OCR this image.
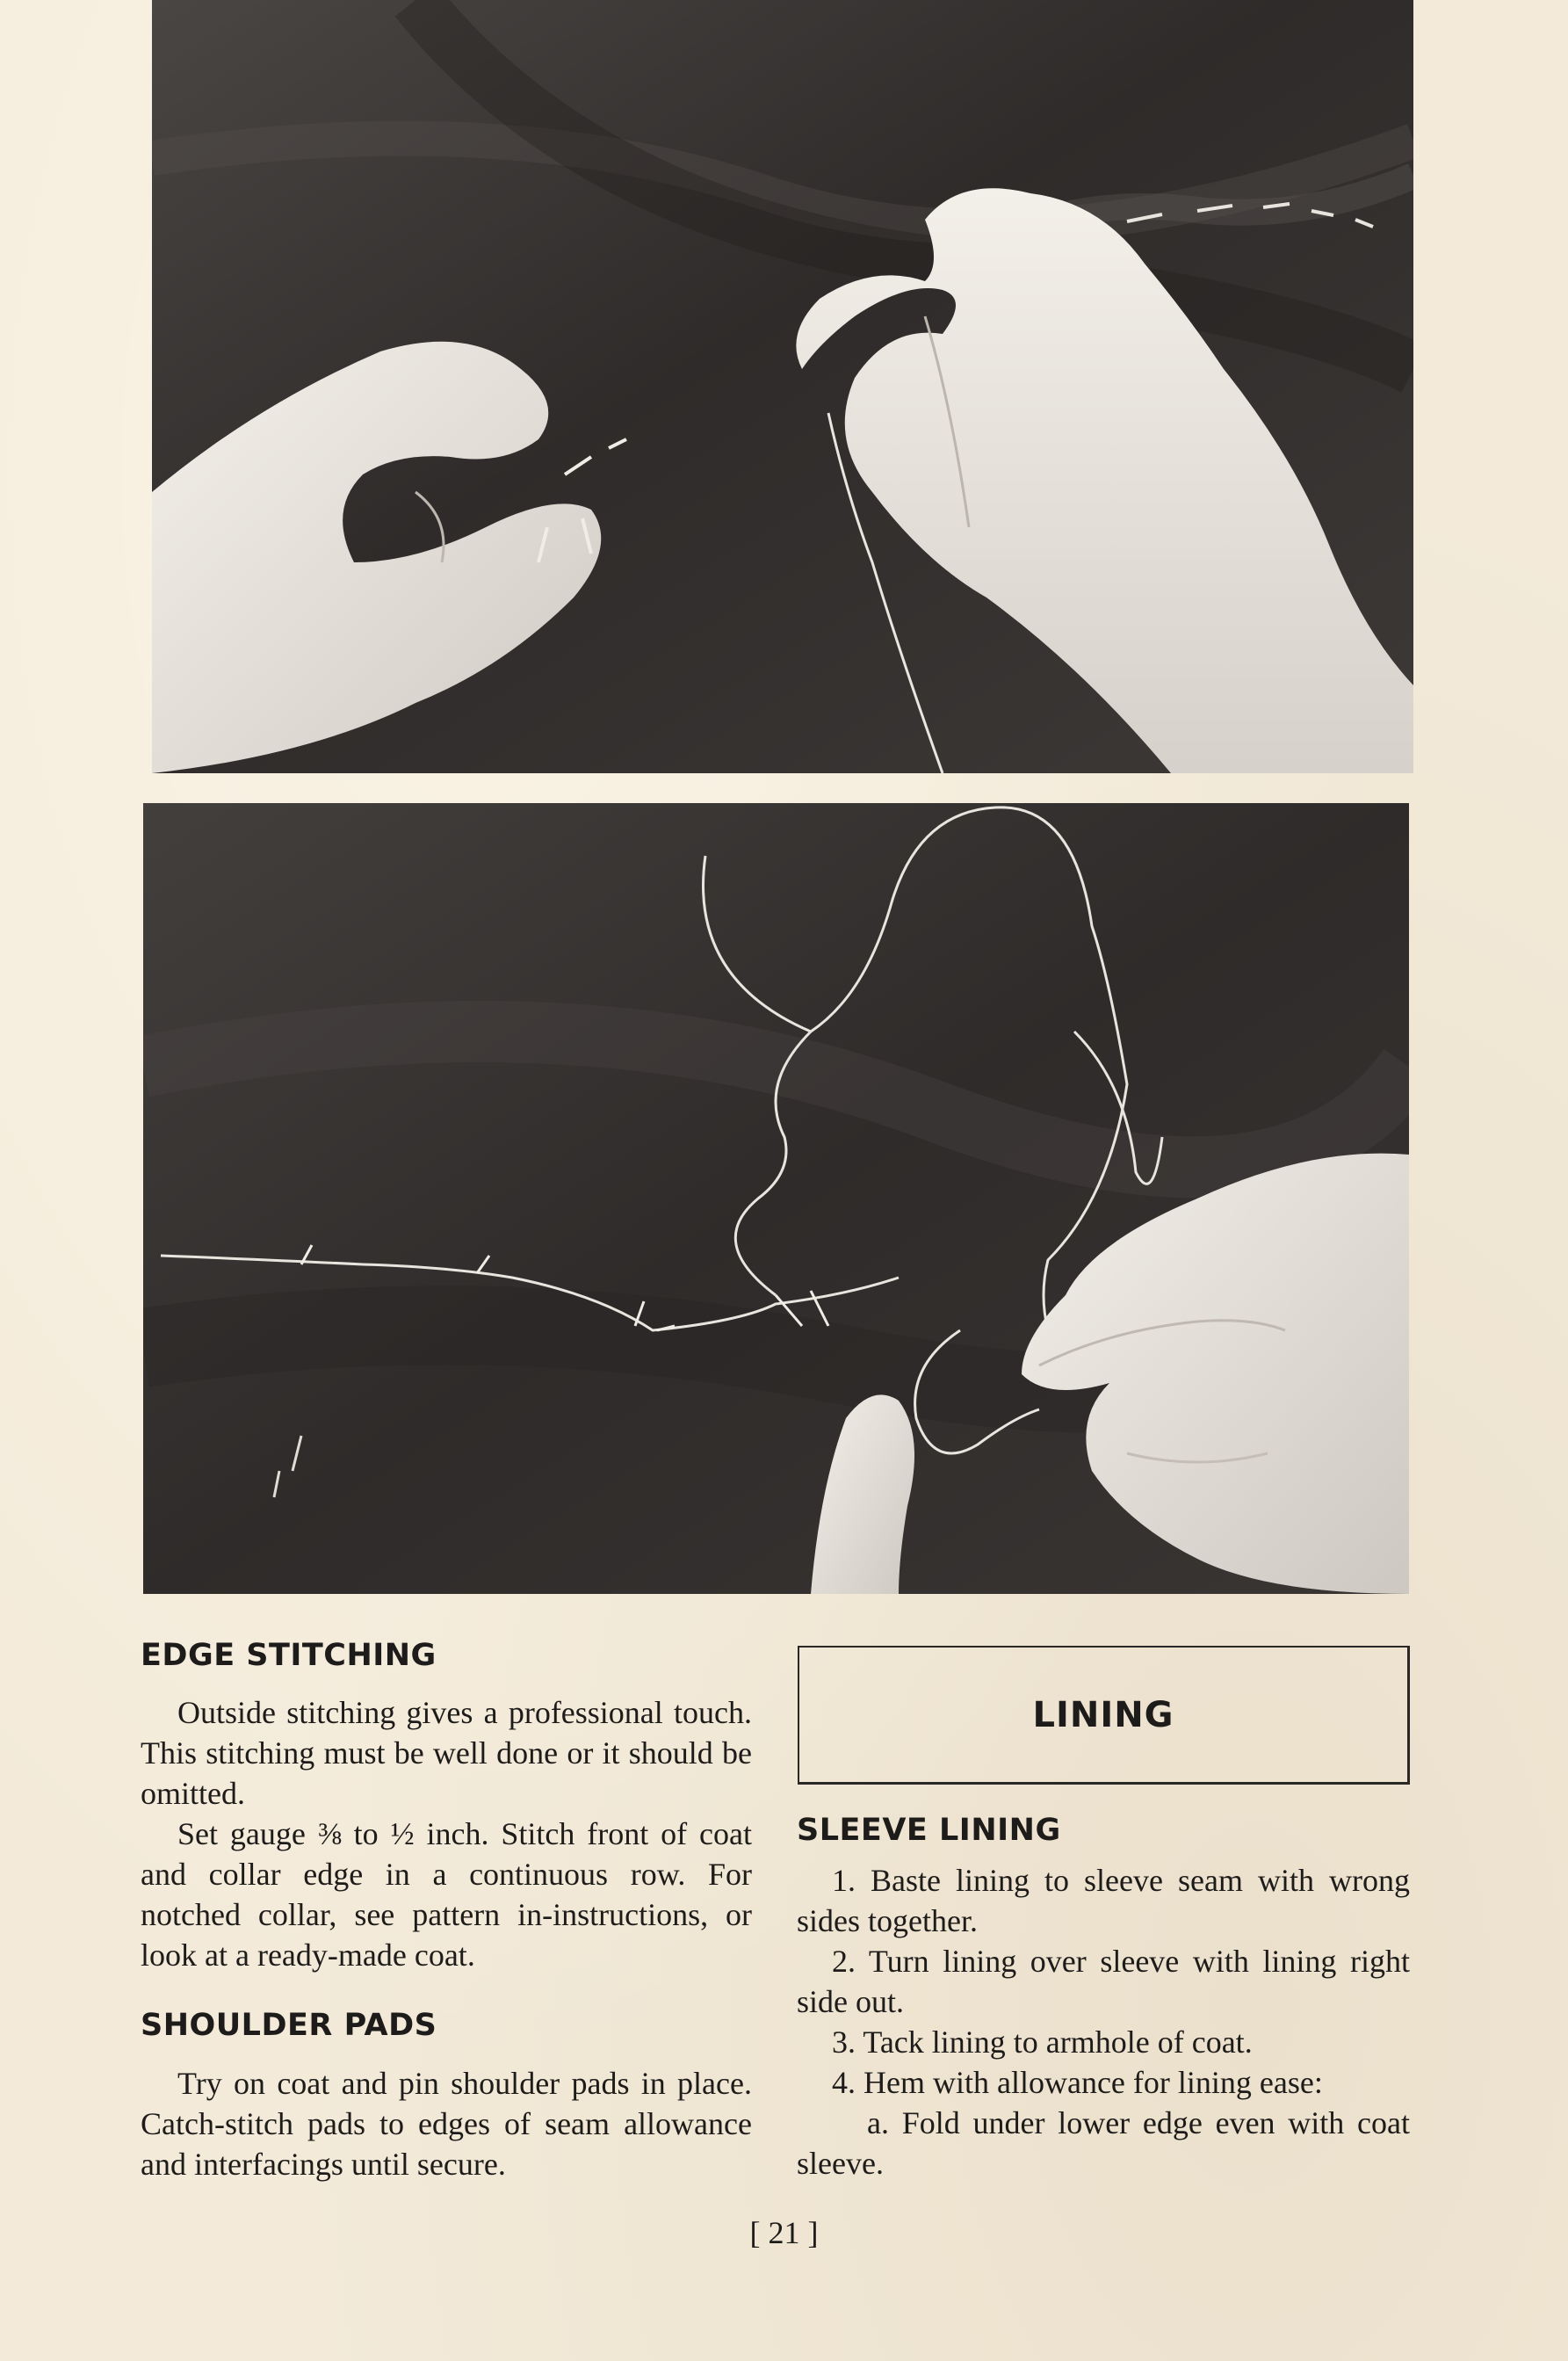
EDGE STITCHING

Outside stitching gives a professional touch. This stitching must be well done or it should be omitted.

Set gauge ⅜ to ½ inch. Stitch front of coat and collar edge in a continuous row. For notched collar, see pattern in-instructions, or look at a ready-made coat.

SHOULDER PADS

Try on coat and pin shoulder pads in place. Catch-stitch pads to edges of seam allowance and interfacings until secure.

LINING
SLEEVE LINING

1. Baste lining to sleeve seam with wrong sides together.

2. Turn lining over sleeve with lining right side out.

3. Tack lining to armhole of coat.

4. Hem with allowance for lining ease:

a. Fold under lower edge even with coat sleeve.

[ 21 ]
